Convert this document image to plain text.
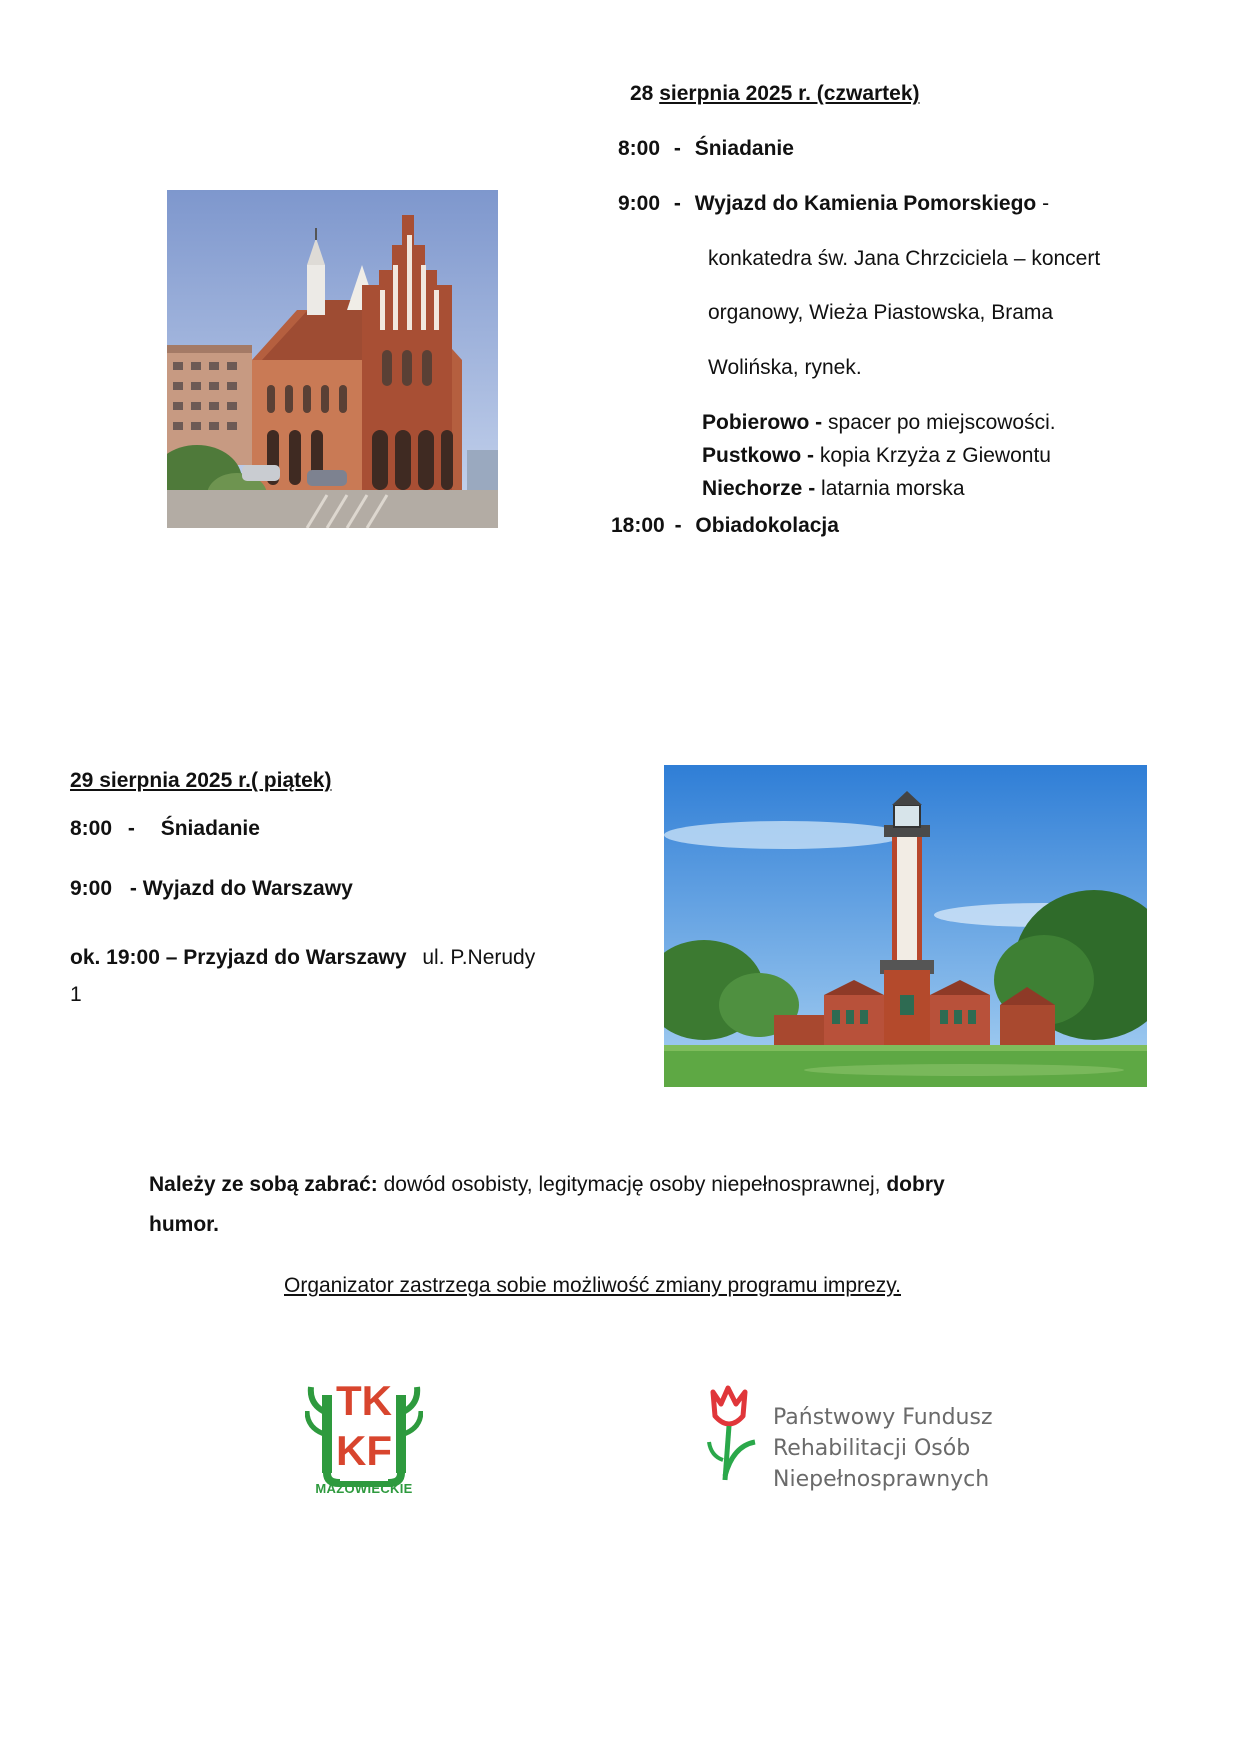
28 sierpnia 2025 r. (czwartek)
8:00 - Śniadanie
9:00 - Wyjazd do Kamienia Pomorskiego -
konkatedra św. Jana Chrzciciela – koncert
organowy, Wieża Piastowska, Brama
Wolińska, rynek.
Pobierowo - spacer po miejscowości.
Pustkowo - kopia Krzyża z Giewontu
Niechorze - latarnia morska
18:00 - Obiadokolacja
29 sierpnia 2025 r.( piątek)
8:00 - Śniadanie
9:00 - Wyjazd do Warszawy
ok. 19:00 – Przyjazd do Warszawy ul. P.Nerudy
1
Należy ze sobą zabrać: dowód osobisty, legitymację osoby niepełnosprawnej, dobry
humor.
Organizator zastrzega sobie możliwość zmiany programu imprezy.
TK
KF
MAZOWIECKIE
Państwowy Fundusz
Rehabilitacji Osób
Niepełnosprawnych
